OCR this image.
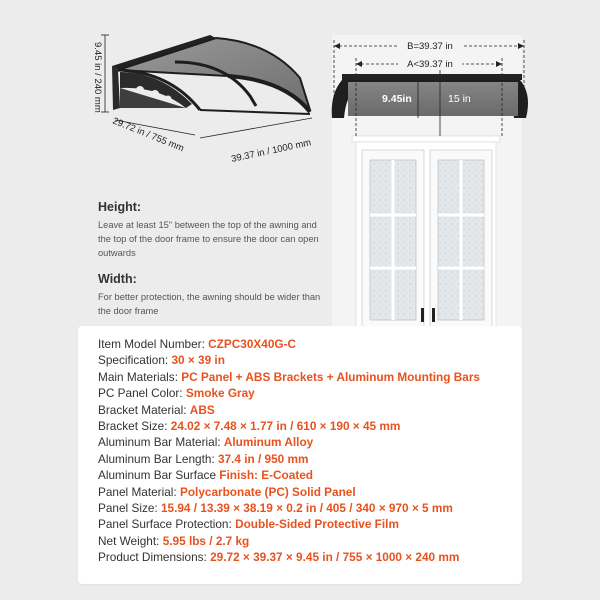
9.45 in / 240 mm
29.72 in / 755 mm	39.37 in / 1000 mm
B=39.37 in
A<39.37 in
9.45in	15 in
Height:
Leave at least 15" between the top of the awning and the top of the door frame to ensure the door can open outwards
Width:
For better protection, the awning should be wider than the door frame
Item Model Number: CZPC30X40G-C
Specification: 30 × 39 in
Main Materials: PC Panel + ABS Brackets + Aluminum Mounting Bars
PC Panel Color: Smoke Gray
Bracket Material: ABS
Bracket Size: 24.02 × 7.48 × 1.77 in / 610 × 190 × 45 mm
Aluminum Bar Material: Aluminum Alloy
Aluminum Bar Length: 37.4 in / 950 mm
Aluminum Bar Surface Finish: E-Coated
Panel Material: Polycarbonate (PC) Solid Panel
Panel Size: 15.94 / 13.39 × 38.19 × 0.2 in / 405 / 340 × 970 × 5 mm
Panel Surface Protection: Double-Sided Protective Film
Net Weight: 5.95 lbs / 2.7 kg
Product Dimensions: 29.72 × 39.37 × 9.45 in / 755 × 1000 × 240 mm
